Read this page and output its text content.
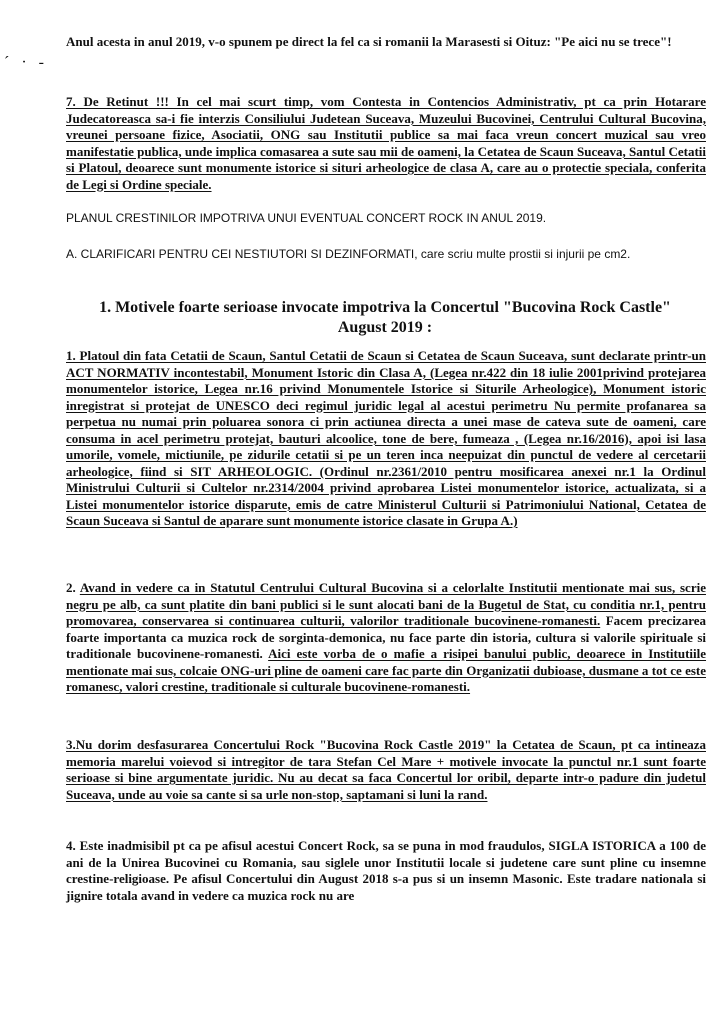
´ · -

Anul acesta in anul 2019, v-o spunem pe direct la fel ca si romanii la Marasesti si Oituz: "Pe aici nu se trece"!

7. De Retinut !!! In cel mai scurt timp, vom Contesta in Contencios Administrativ, pt ca prin Hotarare Judecatoreasca sa-i fie interzis Consiliului Judetean Suceava, Muzeului Bucovinei, Centrului Cultural Bucovina, vreunei persoane fizice, Asociatii, ONG sau Institutii publice sa mai faca vreun concert muzical sau vreo manifestatie publica, unde implica comasarea a sute sau mii de oameni, la Cetatea de Scaun Suceava, Santul Cetatii si Platoul, deoarece sunt monumente istorice si situri arheologice de clasa A, care au o protectie speciala, conferita de Legi si Ordine speciale.

PLANUL CRESTINILOR IMPOTRIVA UNUI EVENTUAL CONCERT ROCK IN ANUL 2019.

A. CLARIFICARI PENTRU CEI NESTIUTORI SI DEZINFORMATI, care scriu multe prostii si injurii pe cm2.

1. Motivele foarte serioase invocate impotriva la Concertul "Bucovina Rock Castle" August 2019 :

1. Platoul din fata Cetatii de Scaun, Santul Cetatii de Scaun si Cetatea de Scaun Suceava, sunt declarate printr-un ACT NORMATIV incontestabil, Monument Istoric din Clasa A, (Legea nr.422 din 18 iulie 2001privind protejarea monumentelor istorice, Legea nr.16 privind Monumentele Istorice si Siturile Arheologice), Monument istoric inregistrat si protejat de UNESCO deci regimul juridic legal al acestui perimetru Nu permite profanarea sa perpetua nu numai prin poluarea sonora ci prin actiunea directa a unei mase de cateva sute de oameni, care consuma in acel perimetru protejat, bauturi alcoolice, tone de bere, fumeaza , (Legea nr.16/2016), apoi isi lasa umorile, vomele, mictiunile, pe zidurile cetatii si pe un teren inca neepuizat din punctul de vedere al cercetarii arheologice, fiind si SIT ARHEOLOGIC. (Ordinul nr.2361/2010 pentru mosificarea anexei nr.1 la Ordinul Ministrului Culturii si Cultelor nr.2314/2004 privind aprobarea Listei monumentelor istorice, actualizata, si a Listei monumentelor istorice disparute, emis de catre Ministerul Culturii si Patrimoniului National, Cetatea de Scaun Suceava si Santul de aparare sunt monumente istorice clasate in Grupa A.)

2. Avand in vedere ca in Statutul Centrului Cultural Bucovina si a celorlalte Institutii mentionate mai sus, scrie negru pe alb, ca sunt platite din bani publici si le sunt alocati bani de la Bugetul de Stat, cu conditia nr.1, pentru promovarea, conservarea si continuarea culturii, valorilor traditionale bucovinene-romanesti. Facem precizarea foarte importanta ca muzica rock de sorginta-demonica, nu face parte din istoria, cultura si valorile spirituale si traditionale bucovinene-romanesti. Aici este vorba de o mafie a risipei banului public, deoarece in Institutiile mentionate mai sus, colcaie ONG-uri pline de oameni care fac parte din Organizatii dubioase, dusmane a tot ce este romanesc, valori crestine, traditionale si culturale bucovinene-romanesti.

3.Nu dorim desfasurarea Concertului Rock "Bucovina Rock Castle 2019" la Cetatea de Scaun, pt ca intineaza memoria marelui voievod si intregitor de tara Stefan Cel Mare + motivele invocate la punctul nr.1 sunt foarte serioase si bine argumentate juridic. Nu au decat sa faca Concertul lor oribil, departe intr-o padure din judetul Suceava, unde au voie sa cante si sa urle non-stop, saptamani si luni la rand.

4. Este inadmisibil pt ca pe afisul acestui Concert Rock, sa se puna in mod fraudulos, SIGLA ISTORICA a 100 de ani de la Unirea Bucovinei cu Romania, sau siglele unor Institutii locale si judetene care sunt pline cu insemne crestine-religioase. Pe afisul Concertului din August 2018 s-a pus si un insemn Masonic. Este tradare nationala si jignire totala avand in vedere ca muzica rock nu are
